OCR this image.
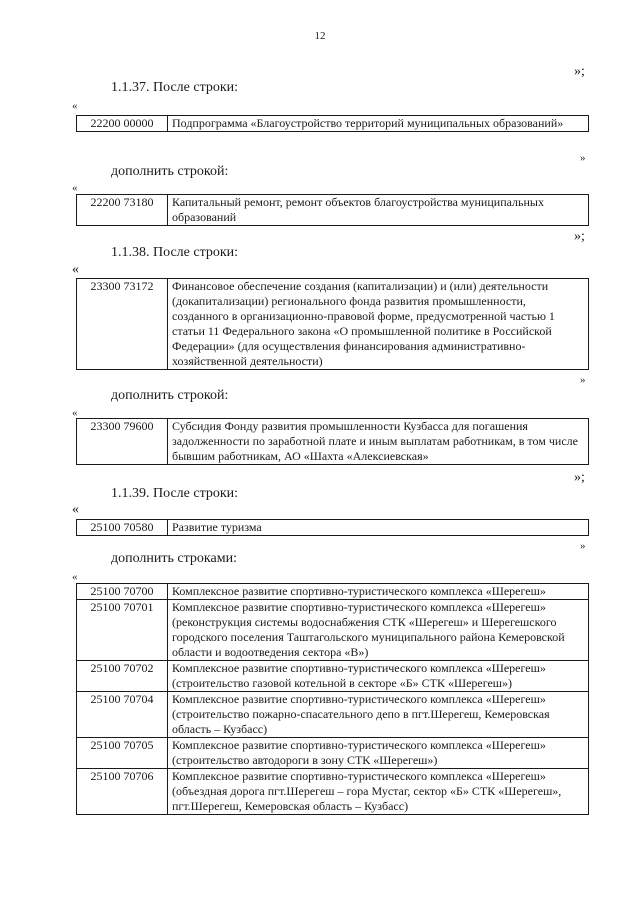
12
»;
1.1.37. После строки:
«
22200 00000	Подпрограмма «Благоустройство территорий муниципальных образований»
»
дополнить строкой:
«
22200 73180	Капитальный ремонт, ремонт объектов благоустройства муниципальных образований
»;
1.1.38. После строки:
«
23300 73172	Финансовое обеспечение создания (капитализации) и (или) деятельности (докапитализации) регионального фонда развития промышленности, созданного в организационно-правовой форме, предусмотренной частью 1 статьи 11 Федерального закона «О промышленной политике в Российской Федерации» (для осуществления финансирования административно-хозяйственной деятельности)
»
дополнить строкой:
«
23300 79600	Субсидия Фонду развития промышленности Кузбасса для погашения задолженности по заработной плате и иным выплатам работникам, в том числе бывшим работникам, АО «Шахта «Алексиевская»
»;
1.1.39. После строки:
«
25100 70580	Развитие туризма
»
дополнить строками:
«
25100 70700	Комплексное развитие спортивно-туристического комплекса «Шерегеш»
25100 70701	Комплексное развитие спортивно-туристического комплекса «Шерегеш» (реконструкция системы водоснабжения СТК «Шерегеш» и Шерегешского городского поселения Таштагольского муниципального района Кемеровской области и водоотведения сектора «В»)
25100 70702	Комплексное развитие спортивно-туристического комплекса «Шерегеш» (строительство газовой котельной в секторе «Б» СТК «Шерегеш»)
25100 70704	Комплексное развитие спортивно-туристического комплекса «Шерегеш» (строительство пожарно-спасательного депо в пгт.Шерегеш, Кемеровская область – Кузбасс)
25100 70705	Комплексное развитие спортивно-туристического комплекса «Шерегеш» (строительство автодороги в зону СТК «Шерегеш»)
25100 70706	Комплексное развитие спортивно-туристического комплекса «Шерегеш» (объездная дорога пгт.Шерегеш – гора Мустаг, сектор «Б» СТК «Шерегеш», пгт.Шерегеш, Кемеровская область – Кузбасс)
